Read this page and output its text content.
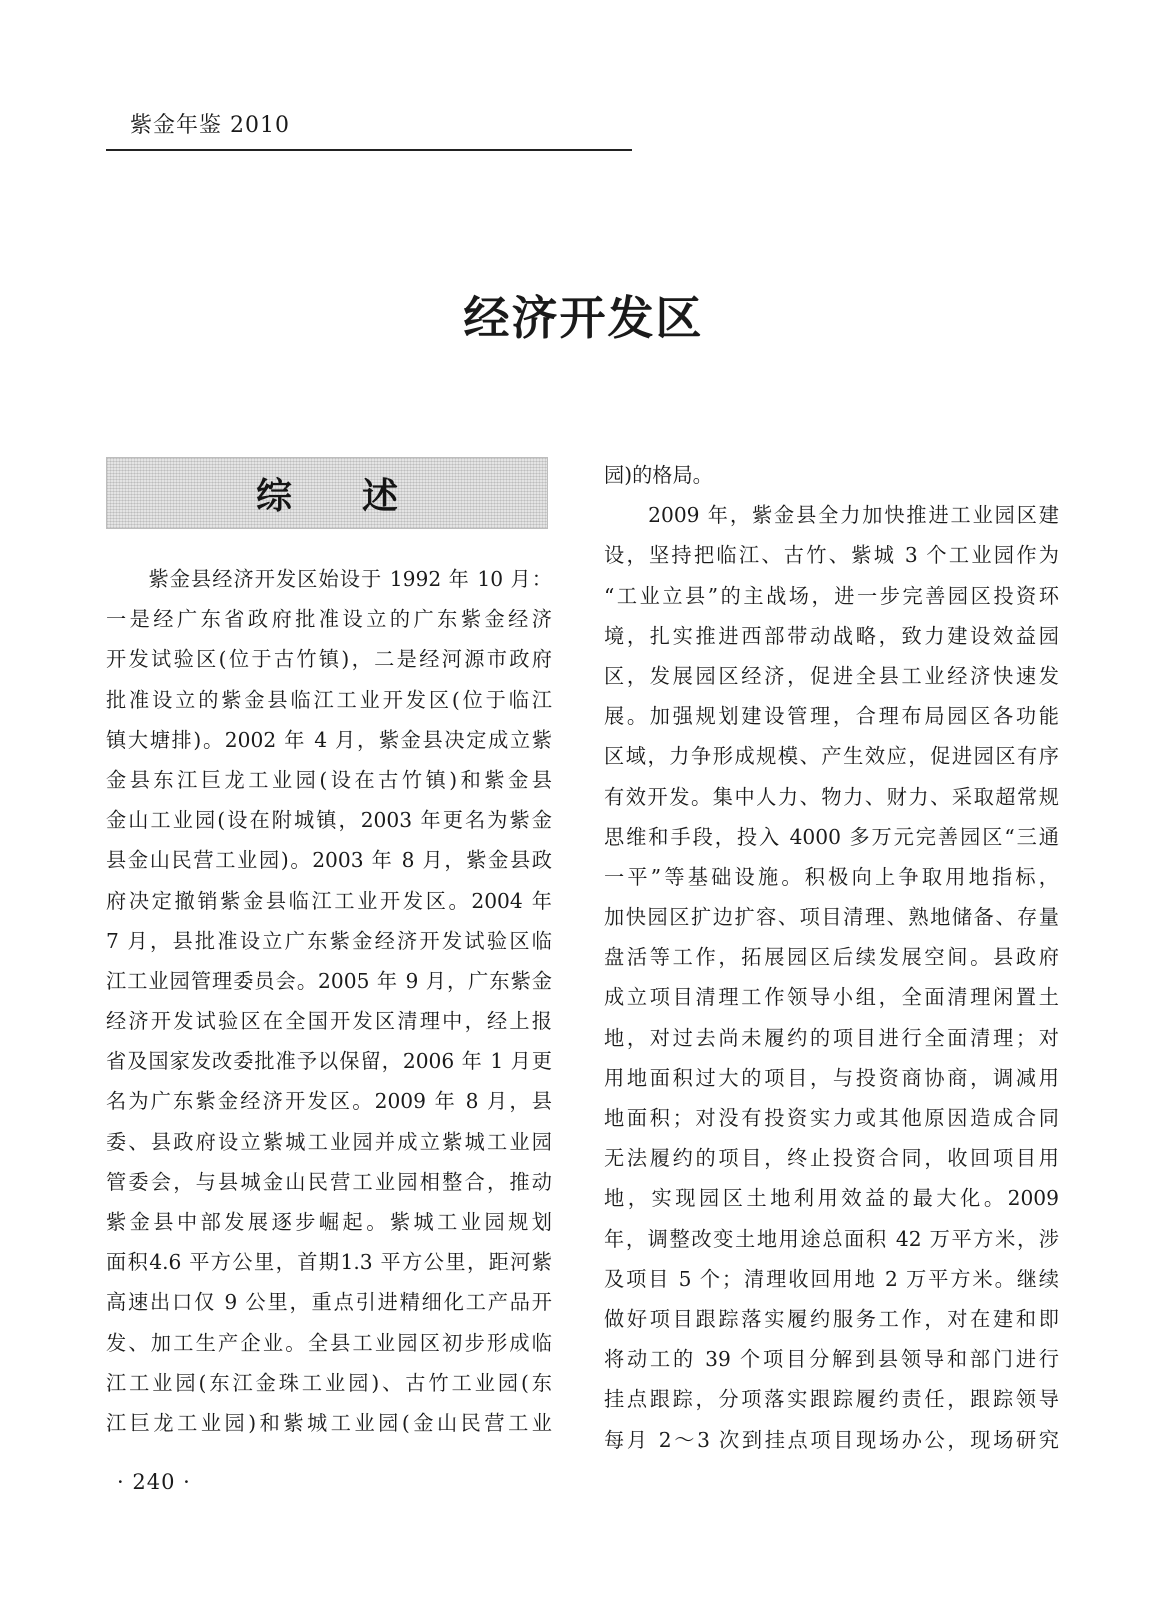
紫金年鉴 2010
经济开发区
综述
　　紫金县经济开发区始设于 1992 年 10 月：
一是经广东省政府批准设立的广东紫金经济
开发试验区(位于古竹镇)，二是经河源市政府
批准设立的紫金县临江工业开发区(位于临江
镇大塘排)。2002 年 4 月，紫金县决定成立紫
金县东江巨龙工业园(设在古竹镇)和紫金县
金山工业园(设在附城镇，2003 年更名为紫金
县金山民营工业园)。2003 年 8 月，紫金县政
府决定撤销紫金县临江工业开发区。2004 年
7 月，县批准设立广东紫金经济开发试验区临
江工业园管理委员会。2005 年 9 月，广东紫金
经济开发试验区在全国开发区清理中，经上报
省及国家发改委批准予以保留，2006 年 1 月更
名为广东紫金经济开发区。2009 年 8 月，县
委、县政府设立紫城工业园并成立紫城工业园
管委会，与县城金山民营工业园相整合，推动
紫金县中部发展逐步崛起。紫城工业园规划
面积4.6 平方公里，首期1.3 平方公里，距河紫
高速出口仅 9 公里，重点引进精细化工产品开
发、加工生产企业。全县工业园区初步形成临
江工业园(东江金珠工业园)、古竹工业园(东
江巨龙工业园)和紫城工业园(金山民营工业
园)的格局。
　　2009 年，紫金县全力加快推进工业园区建
设，坚持把临江、古竹、紫城 3 个工业园作为
“工业立县”的主战场，进一步完善园区投资环
境，扎实推进西部带动战略，致力建设效益园
区，发展园区经济，促进全县工业经济快速发
展。加强规划建设管理，合理布局园区各功能
区域，力争形成规模、产生效应，促进园区有序
有效开发。集中人力、物力、财力、采取超常规
思维和手段，投入 4000 多万元完善园区“三通
一平”等基础设施。积极向上争取用地指标，
加快园区扩边扩容、项目清理、熟地储备、存量
盘活等工作，拓展园区后续发展空间。县政府
成立项目清理工作领导小组，全面清理闲置土
地，对过去尚未履约的项目进行全面清理；对
用地面积过大的项目，与投资商协商，调减用
地面积；对没有投资实力或其他原因造成合同
无法履约的项目，终止投资合同，收回项目用
地，实现园区土地利用效益的最大化。2009
年，调整改变土地用途总面积 42 万平方米，涉
及项目 5 个；清理收回用地 2 万平方米。继续
做好项目跟踪落实履约服务工作，对在建和即
将动工的 39 个项目分解到县领导和部门进行
挂点跟踪，分项落实跟踪履约责任，跟踪领导
每月 2～3 次到挂点项目现场办公，现场研究
· 240 ·
